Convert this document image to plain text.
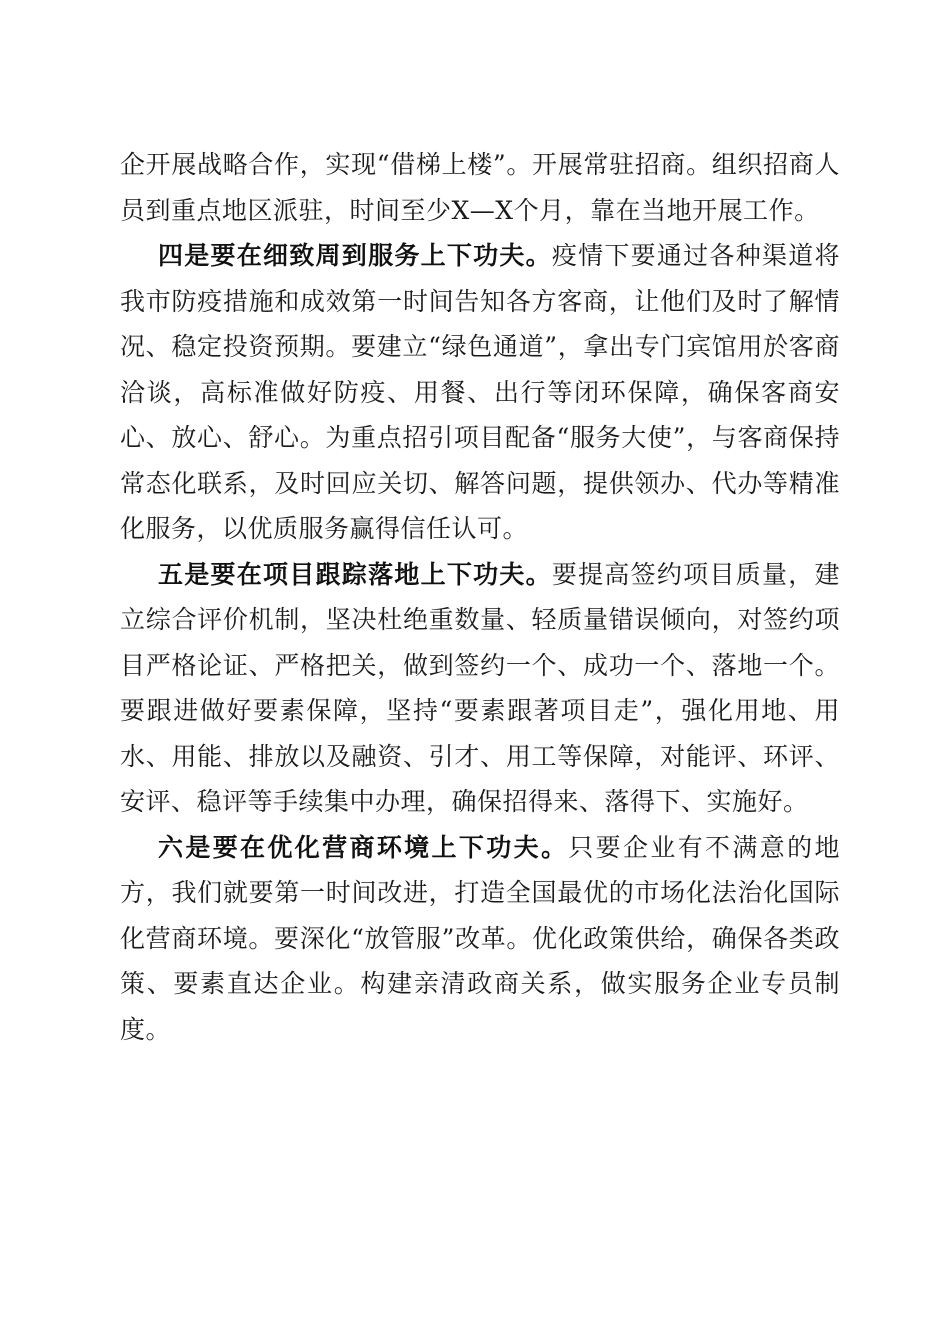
企开展战略合作，实现“借梯上楼”。开展常驻招商。组织招商人员到重点地区派驻，时间至少X—X个月，靠在当地开展工作。

四是要在细致周到服务上下功夫。疫情下要通过各种渠道将我市防疫措施和成效第一时间告知各方客商，让他们及时了解情况、稳定投资预期。要建立“绿色通道”，拿出专门宾馆用於客商洽谈，高标准做好防疫、用餐、出行等闭环保障，确保客商安心、放心、舒心。为重点招引项目配备“服务大使”，与客商保持常态化联系，及时回应关切、解答问题，提供领办、代办等精准化服务，以优质服务赢得信任认可。

五是要在项目跟踪落地上下功夫。要提高签约项目质量，建立综合评价机制，坚决杜绝重数量、轻质量错误倾向，对签约项目严格论证、严格把关，做到签约一个、成功一个、落地一个。要跟进做好要素保障，坚持“要素跟著项目走”，强化用地、用水、用能、排放以及融资、引才、用工等保障，对能评、环评、安评、稳评等手续集中办理，确保招得来、落得下、实施好。

六是要在优化营商环境上下功夫。只要企业有不满意的地方，我们就要第一时间改进，打造全国最优的市场化法治化国际化营商环境。要深化“放管服”改革。优化政策供给，确保各类政策、要素直达企业。构建亲清政商关系，做实服务企业专员制度。
